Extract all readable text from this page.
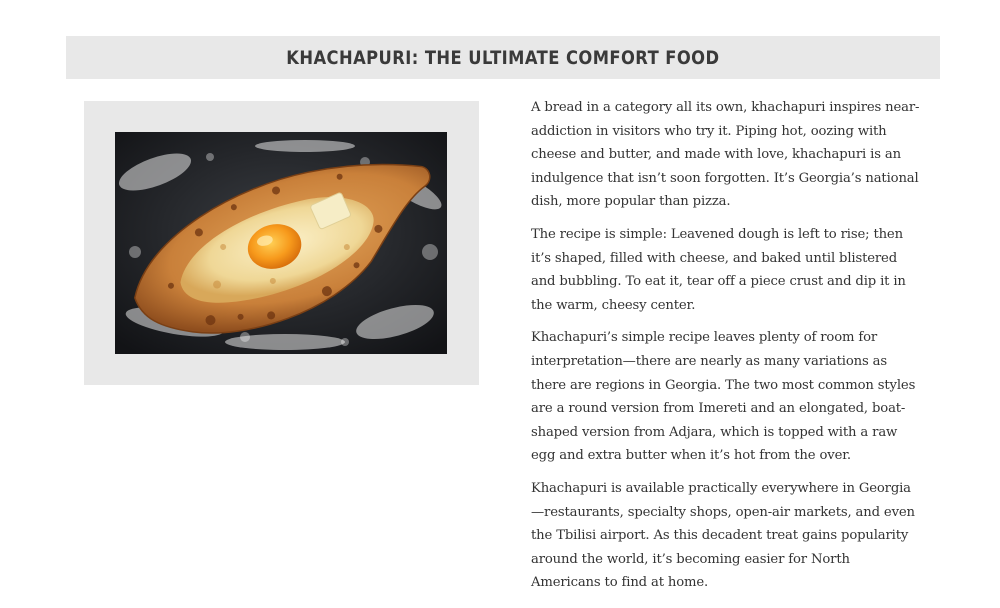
KHACHAPURI: THE ULTIMATE COMFORT FOOD

A bread in a category all its own, khachapuri inspires near-addiction in visitors who try it. Piping hot, oozing with cheese and butter, and made with love, khachapuri is an indulgence that isn’t soon forgotten. It’s Georgia’s national dish, more popular than pizza.

The recipe is simple: Leavened dough is left to rise; then it’s shaped, filled with cheese, and baked until blistered and bubbling. To eat it, tear off a piece crust and dip it in the warm, cheesy center.

Khachapuri’s simple recipe leaves plenty of room for interpretation—there are nearly as many variations as there are regions in Georgia. The two most common styles are a round version from Imereti and an elongated, boat-shaped version from Adjara, which is topped with a raw egg and extra butter when it’s hot from the over.

Khachapuri is available practically everywhere in Georgia—restaurants, specialty shops, open-air markets, and even the Tbilisi airport. As this decadent treat gains popularity around the world, it’s becoming easier for North Americans to find at home.
